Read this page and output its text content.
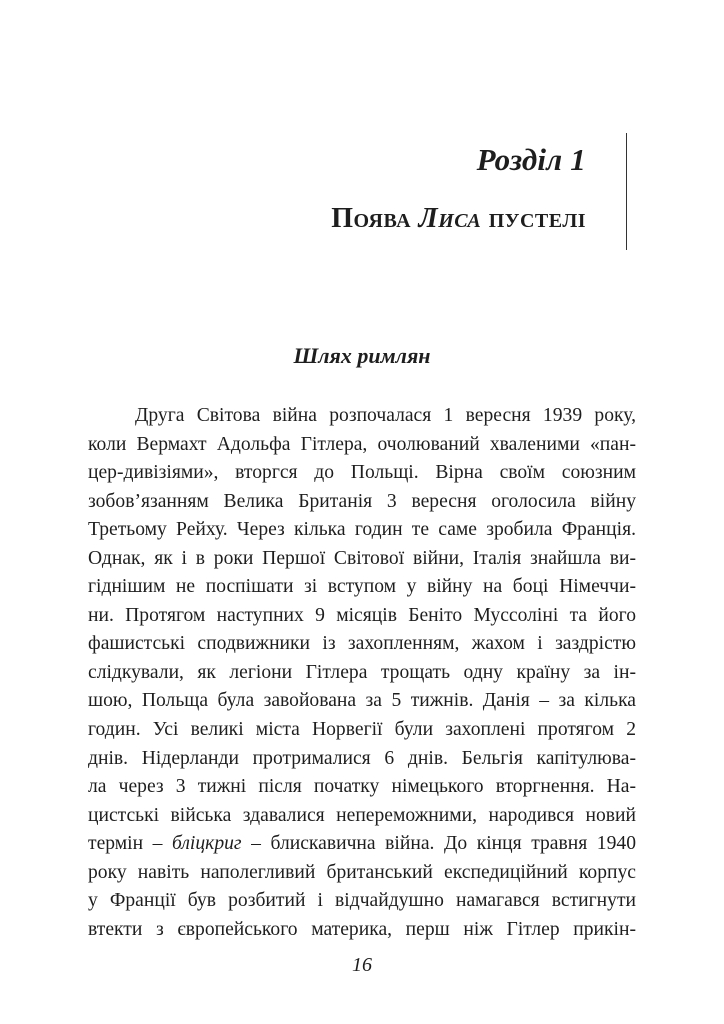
Розділ 1
Поява Лиса пустелі
Шлях римлян
Друга Світова війна розпочалася 1 вересня 1939 року,
коли Вермахт Адольфа Гітлера, очолюваний хваленими «пан-
цер-дивізіями», вторгся до Польщі. Вірна своїм союзним
зобов’язанням Велика Британія 3 вересня оголосила війну
Третьому Рейху. Через кілька годин те саме зробила Франція.
Однак, як і в роки Першої Світової війни, Італія знайшла ви-
гіднішим не поспішати зі вступом у війну на боці Німеччи-
ни. Протягом наступних 9 місяців Беніто Муссоліні та його
фашистські сподвижники із захопленням, жахом і заздрістю
слідкували, як легіони Гітлера трощать одну країну за ін-
шою, Польща була завойована за 5 тижнів. Данія – за кілька
годин. Усі великі міста Норвегії були захоплені протягом 2
днів. Нідерланди протрималися 6 днів. Бельгія капітулюва-
ла через 3 тижні після початку німецького вторгнення. На-
цистські війська здавалися непереможними, народився новий
термін – бліцкриг – блискавична війна. До кінця травня 1940
року навіть наполегливий британський експедиційний корпус
у Франції був розбитий і відчайдушно намагався встигнути
втекти з європейського материка, перш ніж Гітлер прикін-
16
